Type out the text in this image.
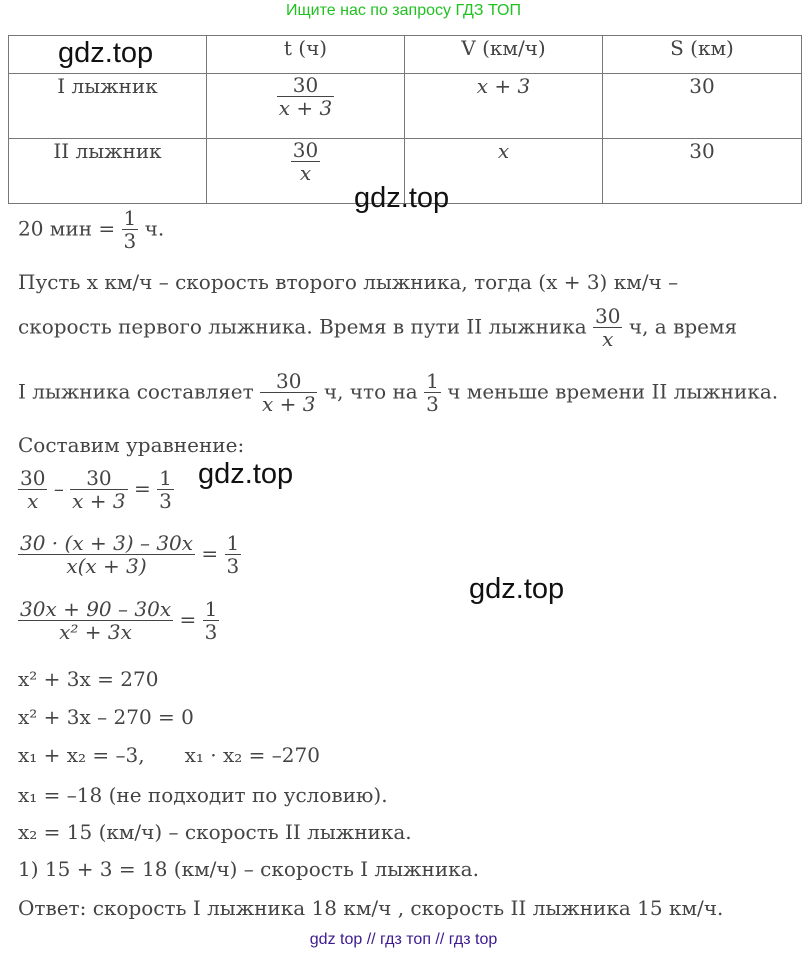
Ищите нас по запросу ГДЗ ТОП
	t (ч)	V (км/ч)	S (км)
I лыжник	$\frac{30}{x + 3}$	x + 3	30
II лыжник	$\frac{30}{x}$	x	30
gdz.top
gdz.top
gdz.top
gdz.top
20 мин = $\frac{1}{3} ч$.
Пусть x км/ч – скорость второго лыжника, тогда (x + 3) км/ч –
скорость первого лыжника. Время в пути II лыжника $\frac{30}{x} ч$, а время
I лыжника составляет $\frac{30}{x + 3} ч$, что на $\frac{1}{3}$ ч меньше времени II лыжника.
Составим уравнение:
$\frac{30}{x} - \frac{30}{x + 3} = \frac{1}{3}$
$\frac{30 \cdot (x + 3) - 30x}{x(x + 3)} = \frac{1}{3}$
$\frac{30x + 90 - 30x}{\text{x² + 3x}} = \frac{1}{3}$
x² + 3x = 270
x² + 3x – 270 = 0
x₁ + x₂ = –3, x₁ · x₂ = –270
x₁ = –18 (не подходит по условию).
x₂ = 15 (км/ч) – скорость II лыжника.
1) 15 + 3 = 18 (км/ч) – скорость I лыжника.
Ответ: скорость I лыжника 18 км/ч , скорость II лыжника 15 км/ч.
gdz top // гдз топ // гдз top
